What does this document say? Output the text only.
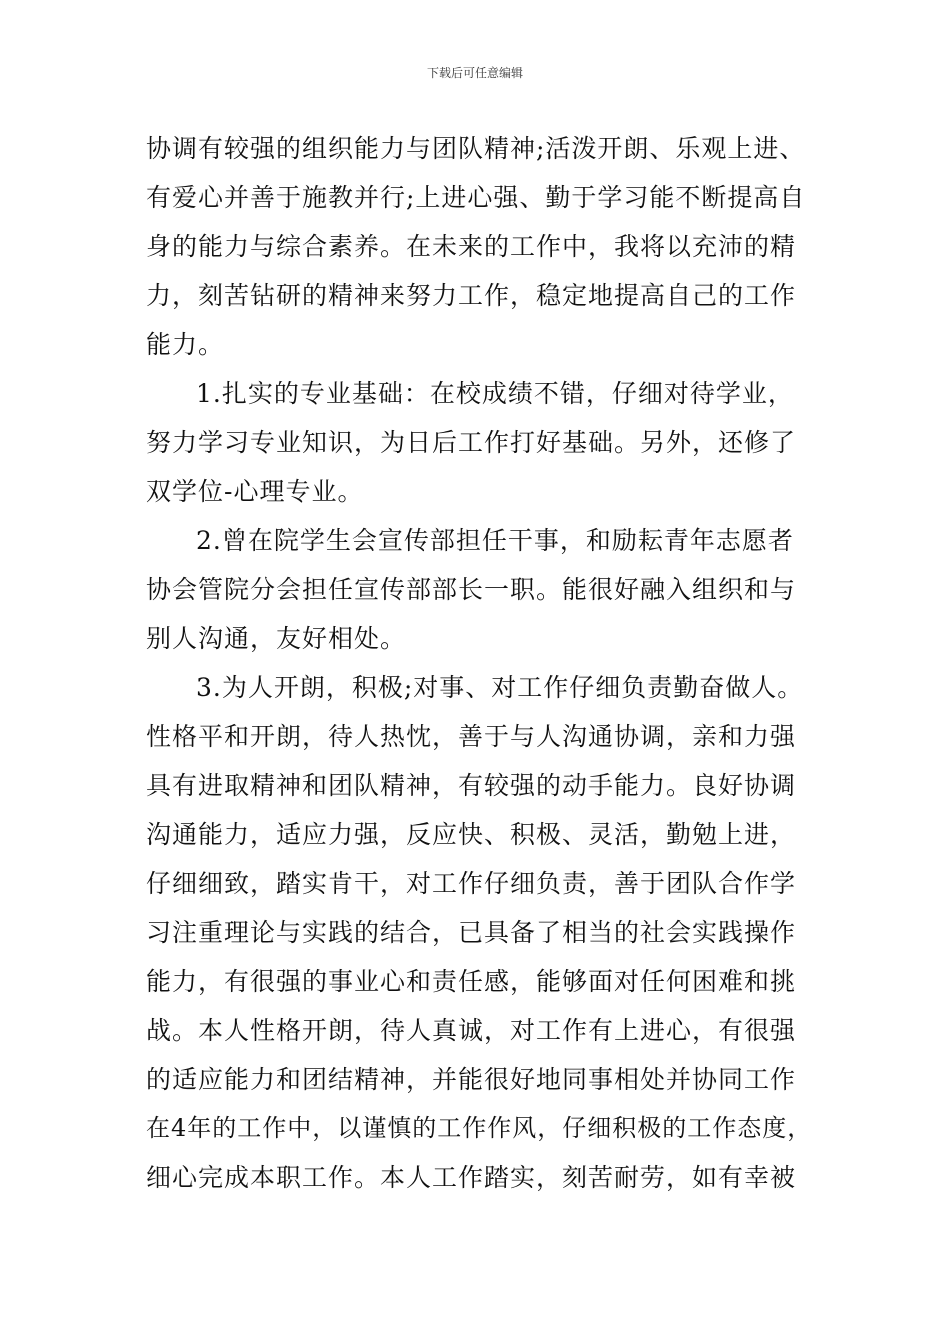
下载后可任意编辑
协调有较强的组织能力与团队精神;活泼开朗、乐观上进、
有爱心并善于施教并行;上进心强、勤于学习能不断提高自
身的能力与综合素养。在未来的工作中，我将以充沛的精
力，刻苦钻研的精神来努力工作，稳定地提高自己的工作
能力。
1.扎实的专业基础：在校成绩不错，仔细对待学业，
努力学习专业知识，为日后工作打好基础。另外，还修了
双学位-心理专业。
2.曾在院学生会宣传部担任干事，和励耘青年志愿者
协会管院分会担任宣传部部长一职。能很好融入组织和与
别人沟通，友好相处。
3.为人开朗，积极;对事、对工作仔细负责勤奋做人。
性格平和开朗，待人热忱，善于与人沟通协调，亲和力强
具有进取精神和团队精神，有较强的动手能力。良好协调
沟通能力，适应力强，反应快、积极、灵活，勤勉上进，
仔细细致，踏实肯干，对工作仔细负责，善于团队合作学
习注重理论与实践的结合，已具备了相当的社会实践操作
能力，有很强的事业心和责任感，能够面对任何困难和挑
战。本人性格开朗，待人真诚，对工作有上进心，有很强
的适应能力和团结精神，并能很好地同事相处并协同工作
在4年的工作中，以谨慎的工作作风，仔细积极的工作态度，
细心完成本职工作。本人工作踏实，刻苦耐劳，如有幸被
